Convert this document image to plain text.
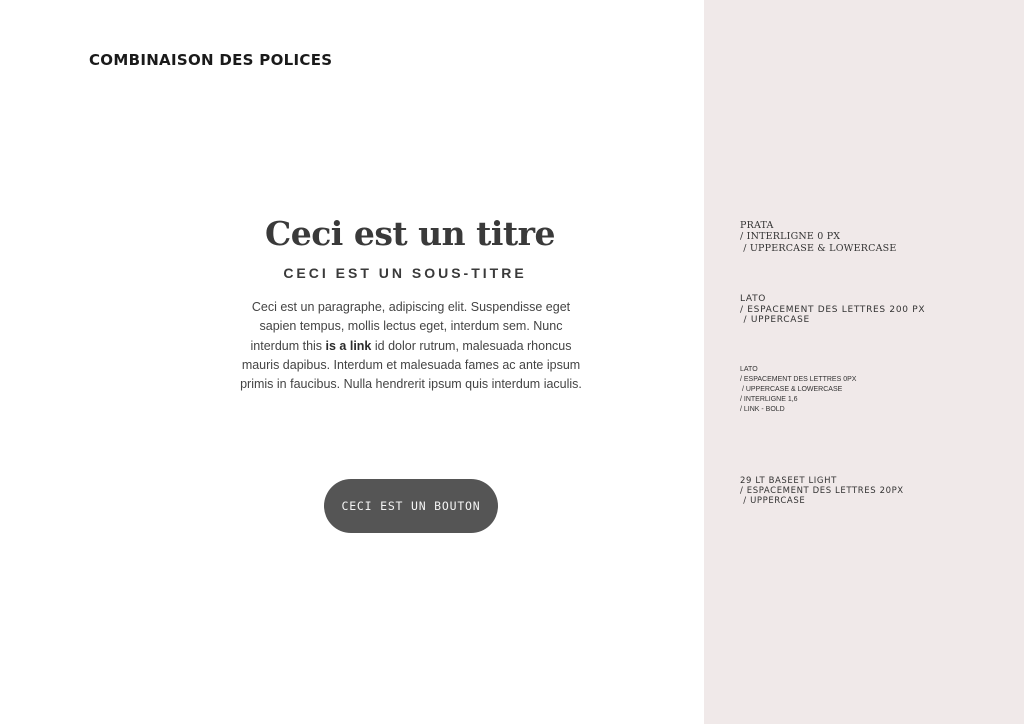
COMBINAISON DES POLICES
Ceci est un titre
CECI EST UN SOUS-TITRE

Ceci est un paragraphe, adipiscing elit. Suspendisse eget sapien tempus, mollis lectus eget, interdum sem. Nunc interdum this is a link id dolor rutrum, malesuada rhoncus mauris dapibus. Interdum et malesuada fames ac ante ipsum primis in faucibus. Nulla hendrerit ipsum quis interdum iaculis.

CECI EST UN BOUTON
PRATA
/ INTERLIGNE 0 PX
/ UPPERCASE & LOWERCASE
LATO
/ ESPACEMENT DES LETTRES 200 PX
/ UPPERCASE
LATO
/ ESPACEMENT DES LETTRES 0PX
/ UPPERCASE & LOWERCASE
/ INTERLIGNE 1,6
/ LINK - BOLD
29 LT BASEET LIGHT
/ ESPACEMENT DES LETTRES 20PX
/ UPPERCASE
